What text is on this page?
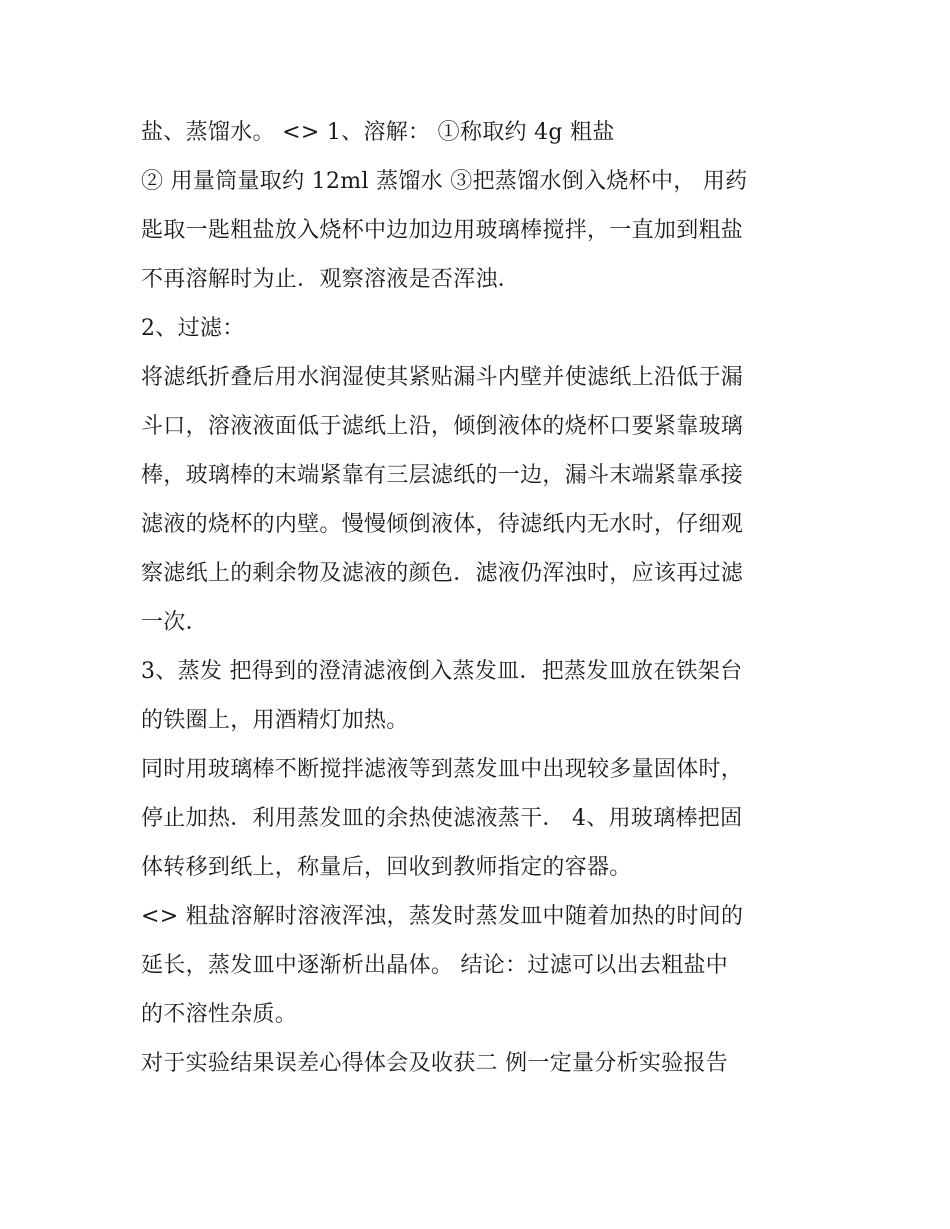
盐、蒸馏水。 <> 1、溶解： ①称取约 4g 粗盐
② 用量筒量取约 12ml 蒸馏水 ③把蒸馏水倒入烧杯中， 用药
匙取一匙粗盐放入烧杯中边加边用玻璃棒搅拌，一直加到粗盐
不再溶解时为止．观察溶液是否浑浊．
2、过滤：
将滤纸折叠后用水润湿使其紧贴漏斗内壁并使滤纸上沿低于漏
斗口，溶液液面低于滤纸上沿，倾倒液体的烧杯口要紧靠玻璃
棒，玻璃棒的末端紧靠有三层滤纸的一边，漏斗末端紧靠承接
滤液的烧杯的内壁。慢慢倾倒液体，待滤纸内无水时，仔细观
察滤纸上的剩余物及滤液的颜色．滤液仍浑浊时，应该再过滤
一次．
3、蒸发 把得到的澄清滤液倒入蒸发皿．把蒸发皿放在铁架台
的铁圈上，用酒精灯加热。
同时用玻璃棒不断搅拌滤液等到蒸发皿中出现较多量固体时，
停止加热．利用蒸发皿的余热使滤液蒸干． 4、用玻璃棒把固
体转移到纸上，称量后，回收到教师指定的容器。
<> 粗盐溶解时溶液浑浊，蒸发时蒸发皿中随着加热的时间的
延长，蒸发皿中逐渐析出晶体。 结论：过滤可以出去粗盐中
的不溶性杂质。
对于实验结果误差心得体会及收获二 例一定量分析实验报告
